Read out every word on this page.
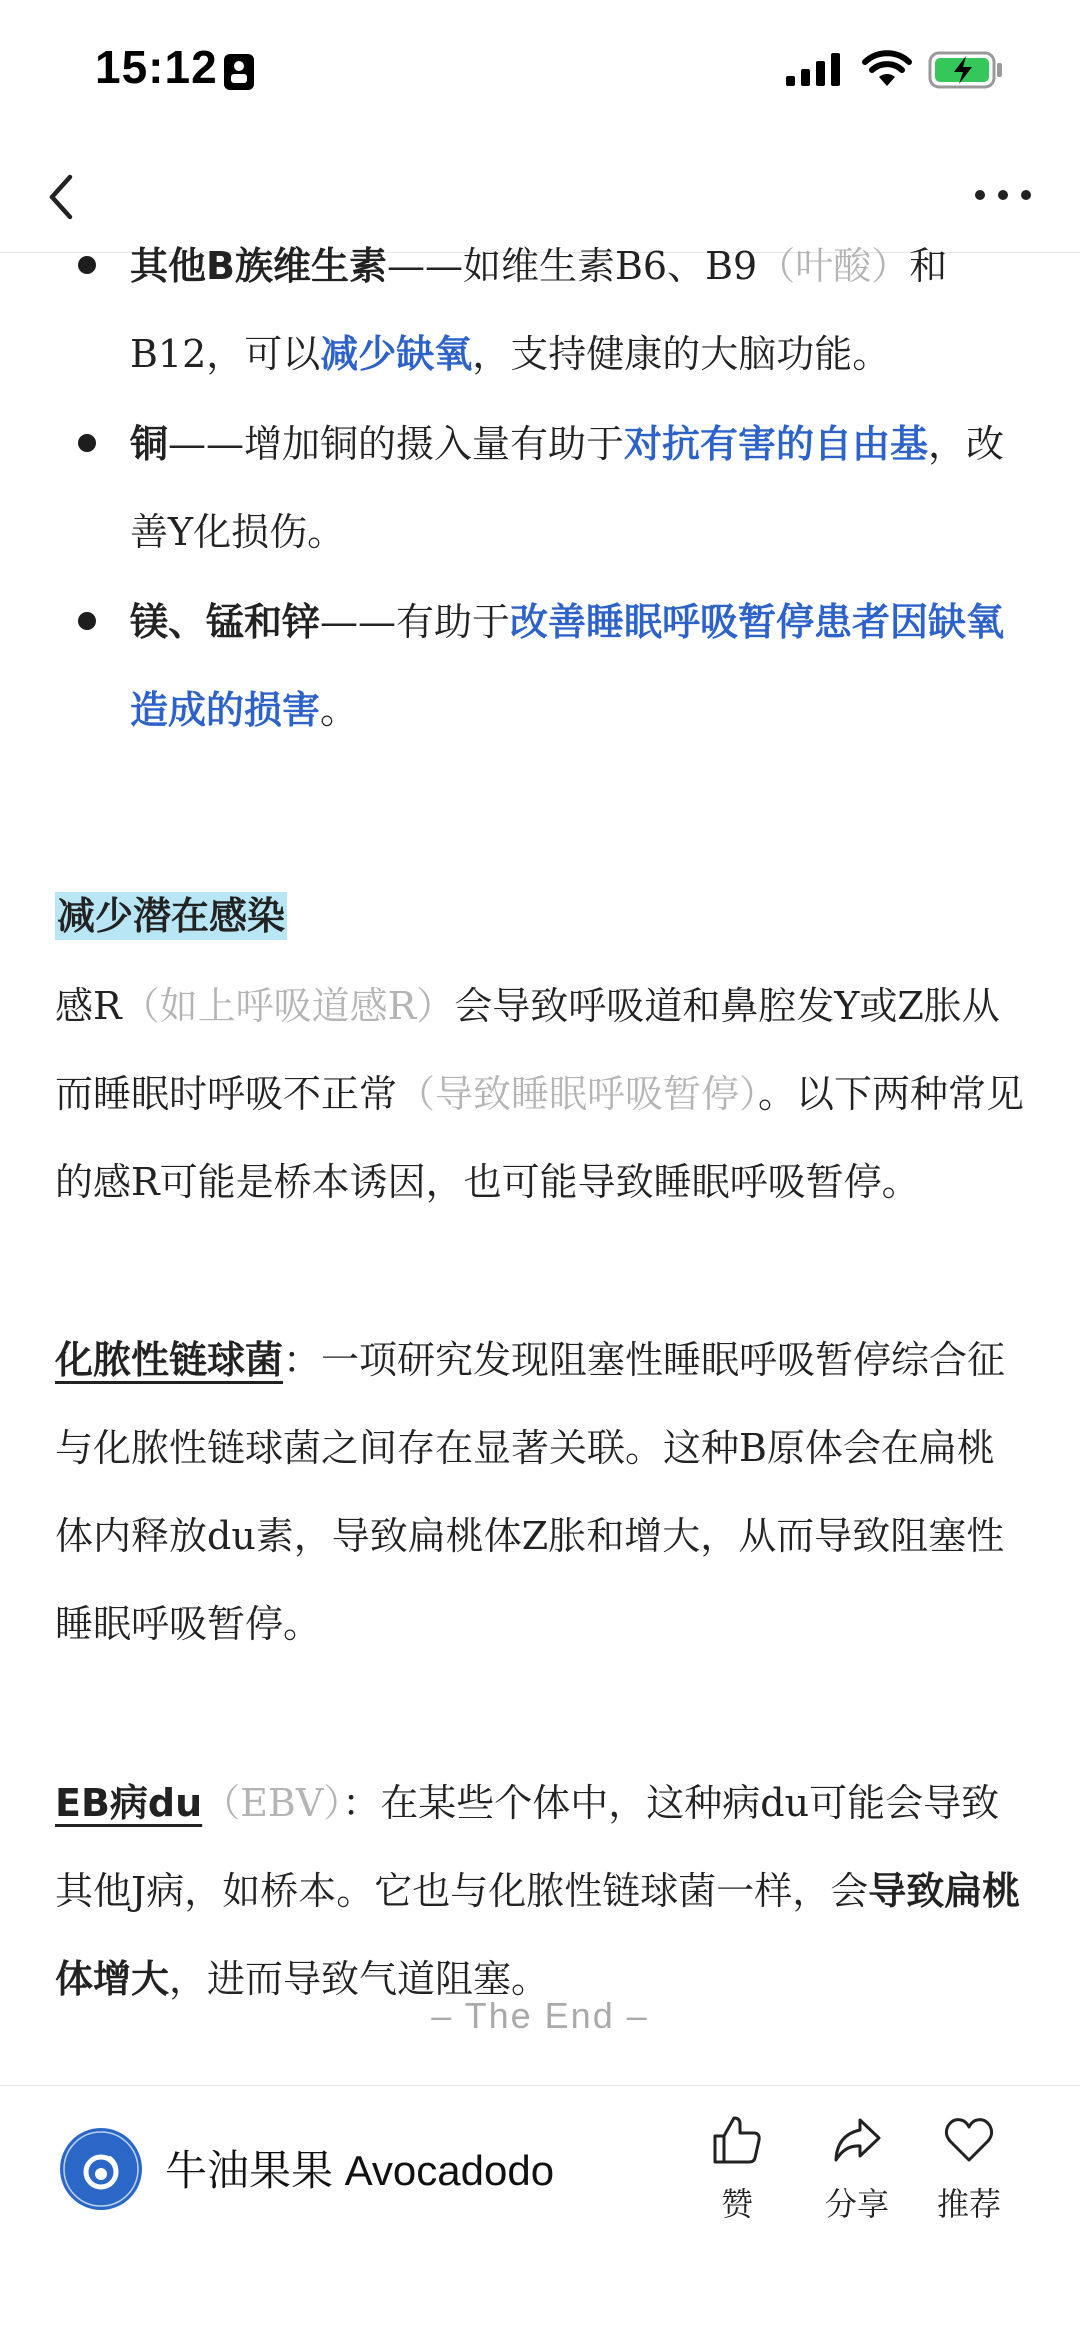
15:12
其他B族维生素——如维生素B6、B9（叶酸）和B12，可以减少缺氧，支持健康的大脑功能。
铜——增加铜的摄入量有助于对抗有害的自由基，改善Y化损伤。
镁、锰和锌——有助于改善睡眠呼吸暂停患者因缺氧造成的损害。
减少潜在感染
感R（如上呼吸道感R）会导致呼吸道和鼻腔发Y或Z胀从而睡眠时呼吸不正常（导致睡眠呼吸暂停）。以下两种常见的感R可能是桥本诱因，也可能导致睡眠呼吸暂停。
化脓性链球菌：一项研究发现阻塞性睡眠呼吸暂停综合征与化脓性链球菌之间存在显著关联。这种B原体会在扁桃体内释放du素，导致扁桃体Z胀和增大，从而导致阻塞性睡眠呼吸暂停。
EB病du（EBV）：在某些个体中，这种病du可能会导致其他J病，如桥本。它也与化脓性链球菌一样，会导致扁桃体增大，进而导致气道阻塞。
– The End –
牛油果果 Avocadodo
赞	分享	推荐
